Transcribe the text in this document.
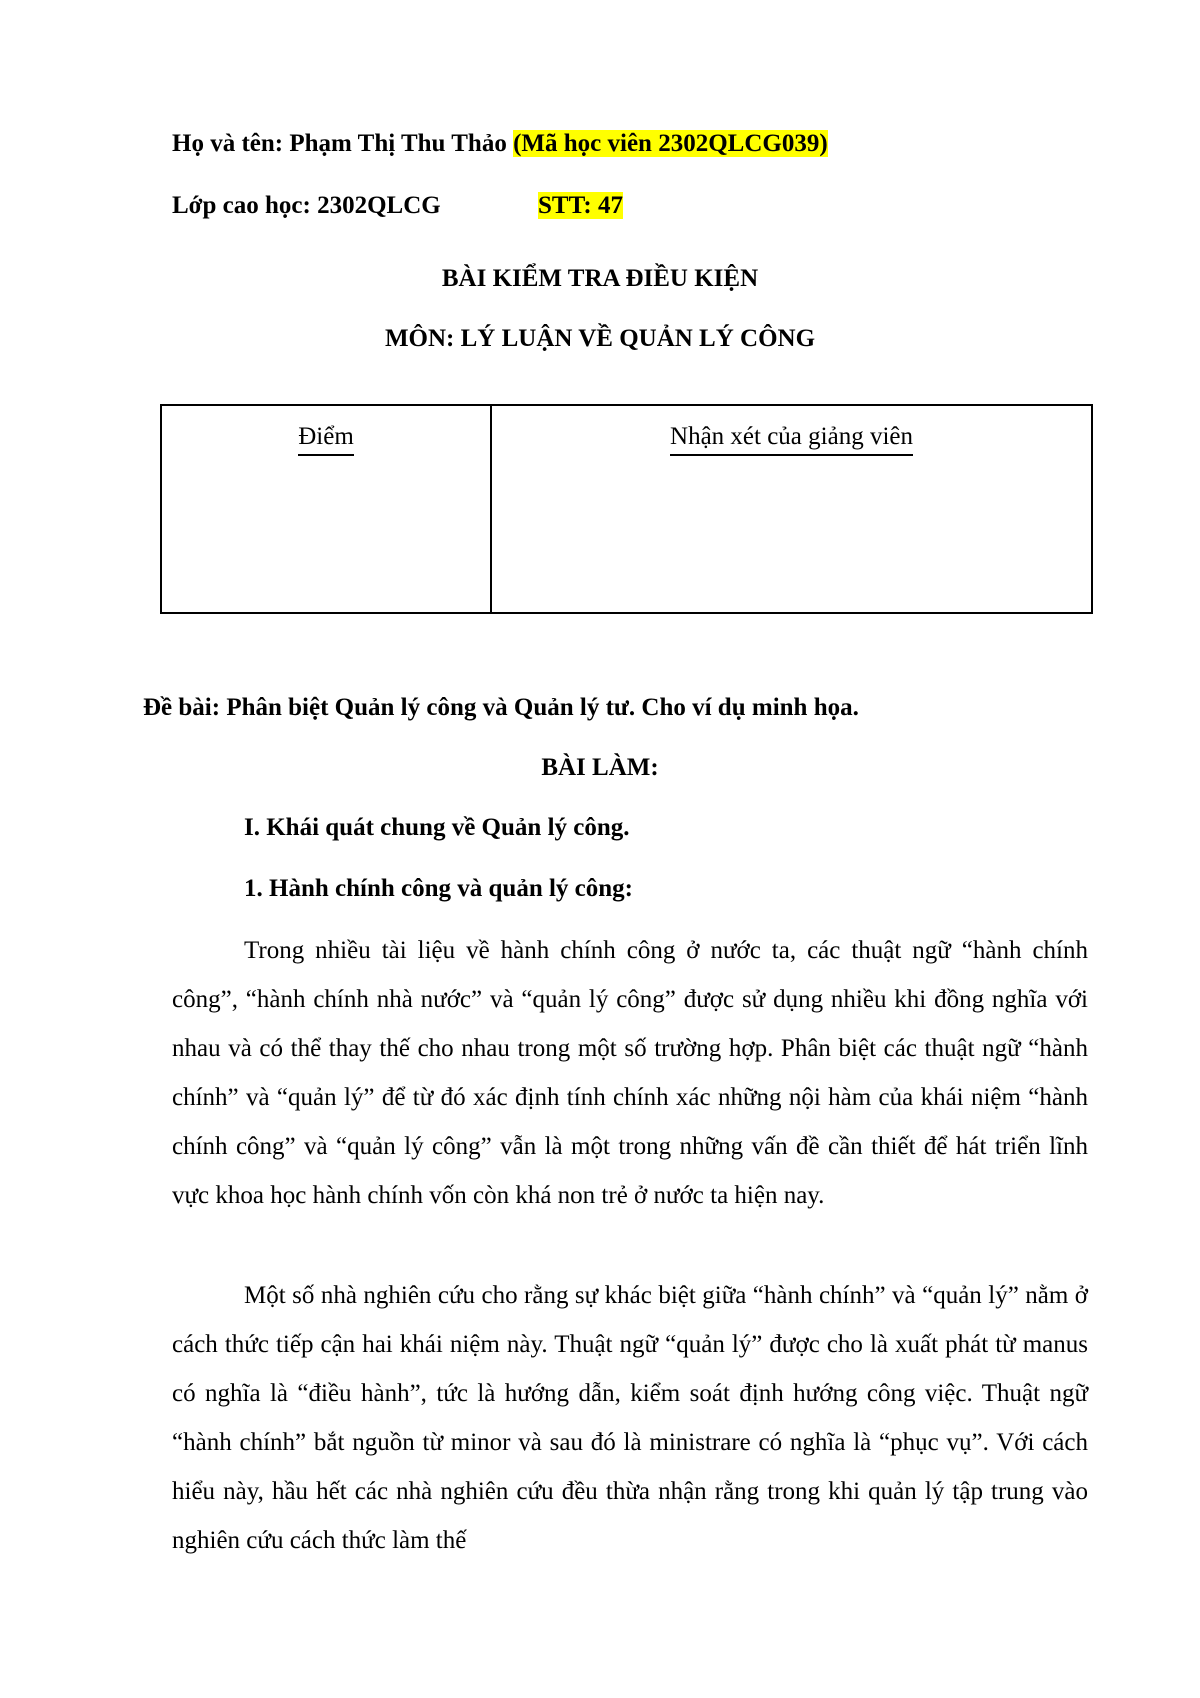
Họ và tên: Phạm Thị Thu Thảo (Mã học viên 2302QLCG039)
Lớp cao học: 2302QLCG	STT: 47
BÀI KIỂM TRA ĐIỀU KIỆN
MÔN: LÝ LUẬN VỀ QUẢN LÝ CÔNG
Điểm	Nhận xét của giảng viên
Đề bài: Phân biệt Quản lý công và Quản lý tư. Cho ví dụ minh họa.
BÀI LÀM:
I. Khái quát chung về Quản lý công.
1. Hành chính công và quản lý công:

Trong nhiều tài liệu về hành chính công ở nước ta, các thuật ngữ “hành chính công”, “hành chính nhà nước” và “quản lý công” được sử dụng nhiều khi đồng nghĩa với nhau và có thể thay thế cho nhau trong một số trường hợp. Phân biệt các thuật ngữ “hành chính” và “quản lý” để từ đó xác định tính chính xác những nội hàm của khái niệm “hành chính công” và “quản lý công” vẫn là một trong những vấn đề cần thiết để hát triển lĩnh vực khoa học hành chính vốn còn khá non trẻ ở nước ta hiện nay.

Một số nhà nghiên cứu cho rằng sự khác biệt giữa “hành chính” và “quản lý” nằm ở cách thức tiếp cận hai khái niệm này. Thuật ngữ “quản lý” được cho là xuất phát từ manus có nghĩa là “điều hành”, tức là hướng dẫn, kiểm soát định hướng công việc. Thuật ngữ “hành chính” bắt nguồn từ minor và sau đó là ministrare có nghĩa là “phục vụ”. Với cách hiểu này, hầu hết các nhà nghiên cứu đều thừa nhận rằng trong khi quản lý tập trung vào nghiên cứu cách thức làm thế
